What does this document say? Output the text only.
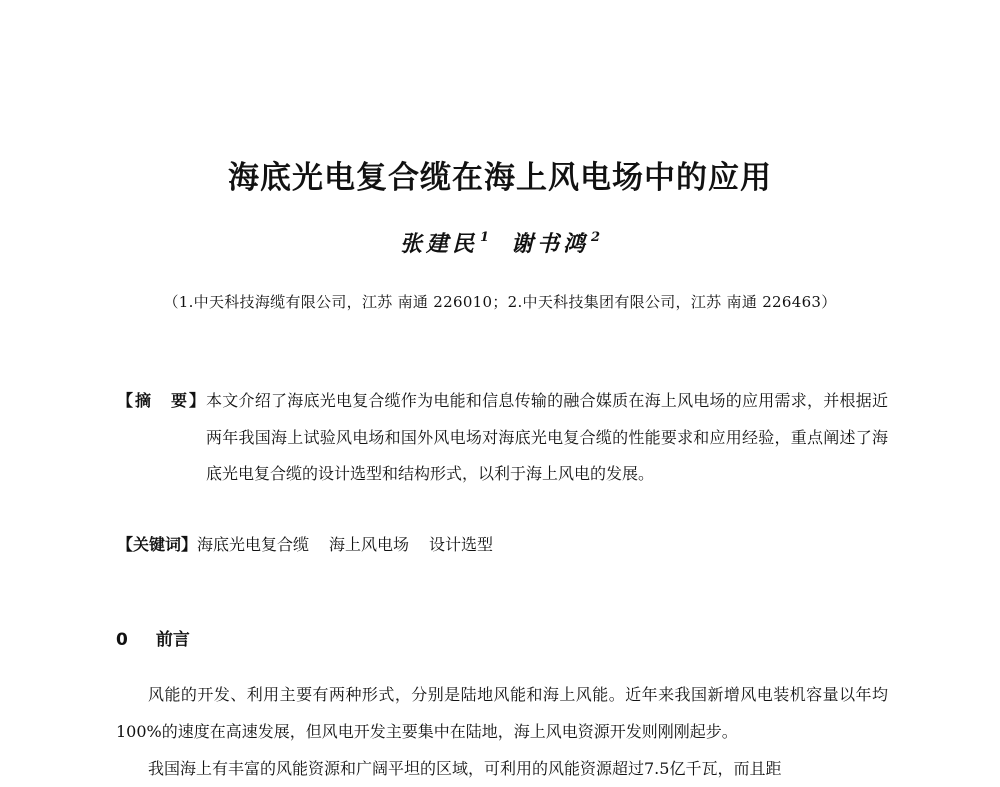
海底光电复合缆在海上风电场中的应用
张建民 $^1$ 谢书鸿 $^2$
（1.中天科技海缆有限公司，江苏 南通 226010；2.中天科技集团有限公司，江苏 南通 226463）
【摘　要】
本文介绍了海底光电复合缆作为电能和信息传输的融合媒质在海上风电场的应用需求，并根据近两年我国海上试验风电场和国外风电场对海底光电复合缆的性能要求和应用经验，重点阐述了海底光电复合缆的设计选型和结构形式，以利于海上风电的发展。
【关键词】海底光电复合缆 海上风电场 设计选型
0 前言
风能的开发、利用主要有两种形式，分别是陆地风能和海上风能。近年来我国新增风电装机容量以年均100%的速度在高速发展，但风电开发主要集中在陆地，海上风电资源开发则刚刚起步。
我国海上有丰富的风能资源和广阔平坦的区域，可利用的风能资源超过7.5亿千瓦，而且距
